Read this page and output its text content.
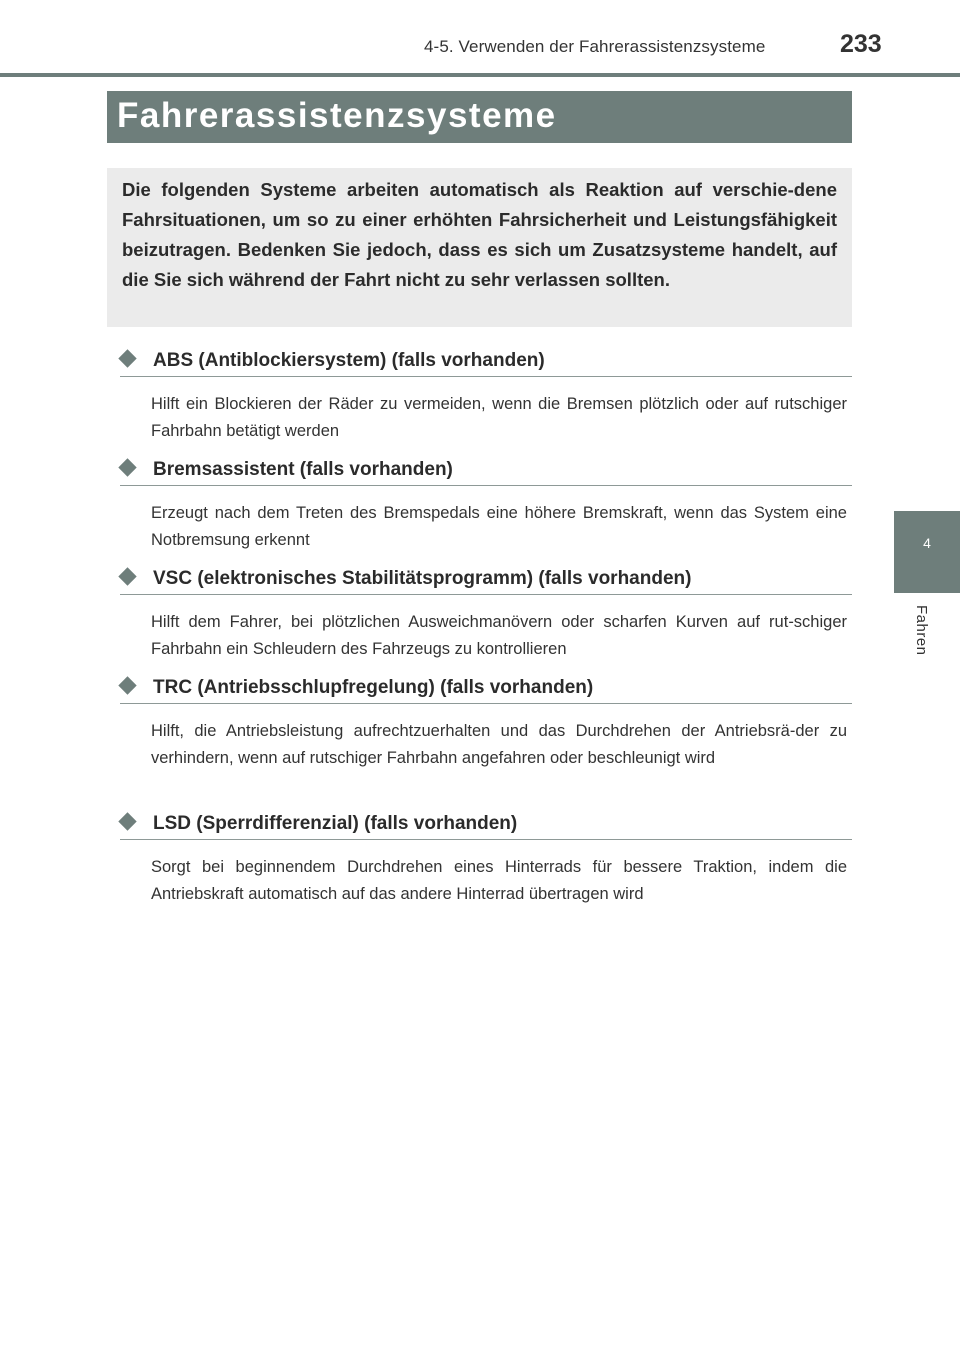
4-5. Verwenden der Fahrerassistenzsysteme	233
Fahrerassistenzsysteme
Die folgenden Systeme arbeiten automatisch als Reaktion auf verschie-dene Fahrsituationen, um so zu einer erhöhten Fahrsicherheit und Leistungsfähigkeit beizutragen. Bedenken Sie jedoch, dass es sich um Zusatzsysteme handelt, auf die Sie sich während der Fahrt nicht zu sehr verlassen sollten.
4
Fahren
ABS (Antiblockiersystem) (falls vorhanden)
Hilft ein Blockieren der Räder zu vermeiden, wenn die Bremsen plötzlich oder auf rutschiger Fahrbahn betätigt werden
Bremsassistent (falls vorhanden)
Erzeugt nach dem Treten des Bremspedals eine höhere Bremskraft, wenn das System eine Notbremsung erkennt
VSC (elektronisches Stabilitätsprogramm) (falls vorhanden)
Hilft dem Fahrer, bei plötzlichen Ausweichmanövern oder scharfen Kurven auf rut-schiger Fahrbahn ein Schleudern des Fahrzeugs zu kontrollieren
TRC (Antriebsschlupfregelung) (falls vorhanden)
Hilft, die Antriebsleistung aufrechtzuerhalten und das Durchdrehen der Antriebsrä-der zu verhindern, wenn auf rutschiger Fahrbahn angefahren oder beschleunigt wird
LSD (Sperrdifferenzial) (falls vorhanden)
Sorgt bei beginnendem Durchdrehen eines Hinterrads für bessere Traktion, indem die Antriebskraft automatisch auf das andere Hinterrad übertragen wird
